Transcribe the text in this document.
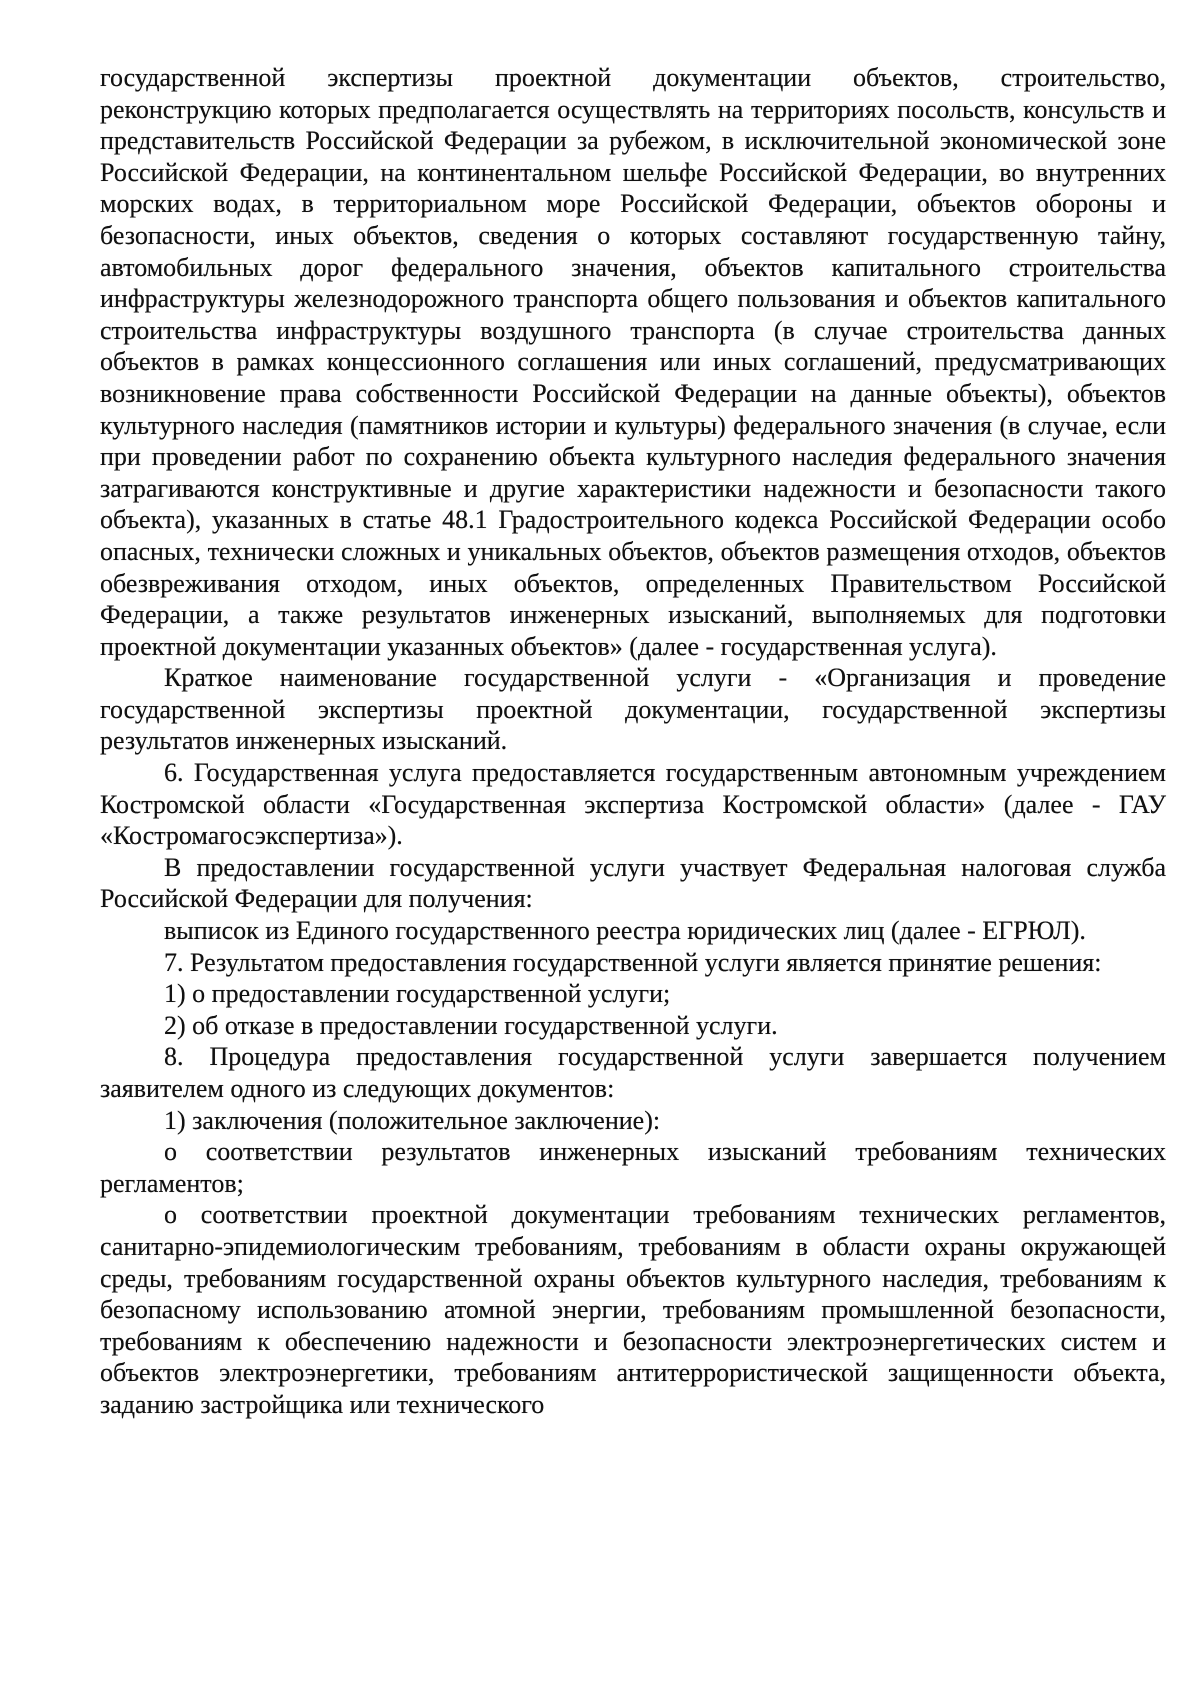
государственной экспертизы проектной документации объектов, строительство, реконструкцию которых предполагается осуществлять на территориях посольств, консульств и представительств Российской Федерации за рубежом, в исключительной экономической зоне Российской Федерации, на континентальном шельфе Российской Федерации, во внутренних морских водах, в территориальном море Российской Федерации, объектов обороны и безопасности, иных объектов, сведения о которых составляют государственную тайну, автомобильных дорог федерального значения, объектов капитального строительства инфраструктуры железнодорожного транспорта общего пользования и объектов капитального строительства инфраструктуры воздушного транспорта (в случае строительства данных объектов в рамках концессионного соглашения или иных соглашений, предусматривающих возникновение права собственности Российской Федерации на данные объекты), объектов культурного наследия (памятников истории и культуры) федерального значения (в случае, если при проведении работ по сохранению объекта культурного наследия федерального значения затрагиваются конструктивные и другие характеристики надежности и безопасности такого объекта), указанных в статье 48.1 Градостроительного кодекса Российской Федерации особо опасных, технически сложных и уникальных объектов, объектов размещения отходов, объектов обезвреживания отходом, иных объектов, определенных Правительством Российской Федерации, а также результатов инженерных изысканий, выполняемых для подготовки проектной документации указанных объектов» (далее - государственная услуга).

Краткое наименование государственной услуги - «Организация и проведение государственной экспертизы проектной документации, государственной экспертизы результатов инженерных изысканий.

6. Государственная услуга предоставляется государственным автономным учреждением Костромской области «Государственная экспертиза Костромской области» (далее - ГАУ «Костромагосэкспертиза»).

В предоставлении государственной услуги участвует Федеральная налоговая служба Российской Федерации для получения:

выписок из Единого государственного реестра юридических лиц (далее - ЕГРЮЛ).

7. Результатом предоставления государственной услуги является принятие решения:

1) о предоставлении государственной услуги;

2) об отказе в предоставлении государственной услуги.

8. Процедура предоставления государственной услуги завершается получением заявителем одного из следующих документов:

1) заключения (положительное заключение):

о соответствии результатов инженерных изысканий требованиям технических регламентов;

о соответствии проектной документации требованиям технических регламентов, санитарно-эпидемиологическим требованиям, требованиям в области охраны окружающей среды, требованиям государственной охраны объектов культурного наследия, требованиям к безопасному использованию атомной энергии, требованиям промышленной безопасности, требованиям к обеспечению надежности и безопасности электроэнергетических систем и объектов электроэнергетики, требованиям антитеррористической защищенности объекта, заданию застройщика или технического
